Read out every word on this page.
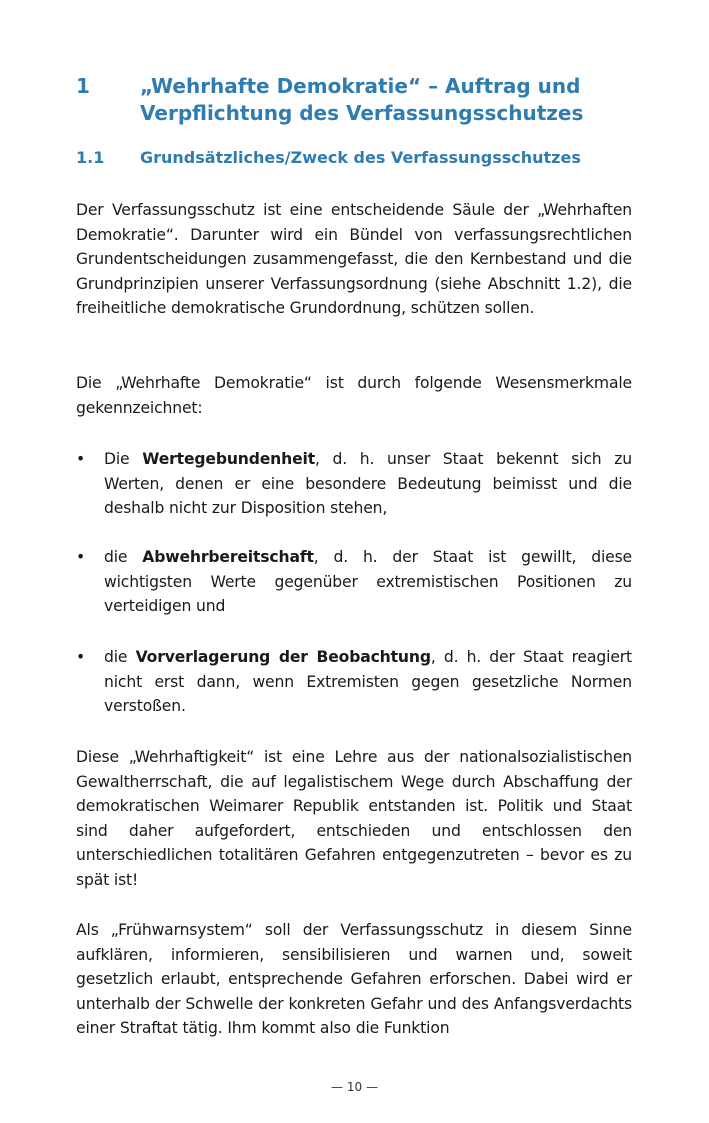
1	„Wehrhafte Demokratie“ – Auftrag und Verpflichtung des Verfassungsschutzes
1.1 Grundsätzliches/Zweck des Verfassungsschutzes
Der Verfassungsschutz ist eine entscheidende Säule der „Wehrhaften Demokratie“. Darunter wird ein Bündel von verfassungsrechtlichen Grundentscheidungen zusammengefasst, die den Kernbestand und die Grundprinzipien unserer Verfassungsordnung (siehe Abschnitt 1.2), die freiheitliche demokratische Grundordnung, schützen sollen.
Die „Wehrhafte Demokratie“ ist durch folgende Wesensmerkmale gekennzeichnet:
• Die Wertegebundenheit, d. h. unser Staat bekennt sich zu Werten, denen er eine besondere Bedeutung beimisst und die deshalb nicht zur Disposition stehen,
• die Abwehrbereitschaft, d. h. der Staat ist gewillt, diese wichtigsten Werte gegenüber extremistischen Positionen zu verteidigen und
• die Vorverlagerung der Beobachtung, d. h. der Staat reagiert nicht erst dann, wenn Extremisten gegen gesetzliche Normen verstoßen.
Diese „Wehrhaftigkeit“ ist eine Lehre aus der nationalsozialistischen Gewaltherrschaft, die auf legalistischem Wege durch Abschaffung der demokratischen Weimarer Republik entstanden ist. Politik und Staat sind daher aufgefordert, entschieden und entschlossen den unterschiedlichen totalitären Gefahren entgegenzutreten – bevor es zu spät ist!
Als „Frühwarnsystem“ soll der Verfassungsschutz in diesem Sinne aufklären, informieren, sensibilisieren und warnen und, soweit gesetzlich erlaubt, entsprechende Gefahren erforschen. Dabei wird er unterhalb der Schwelle der konkreten Gefahr und des Anfangsverdachts einer Straftat tätig. Ihm kommt also die Funktion
— 10 —
